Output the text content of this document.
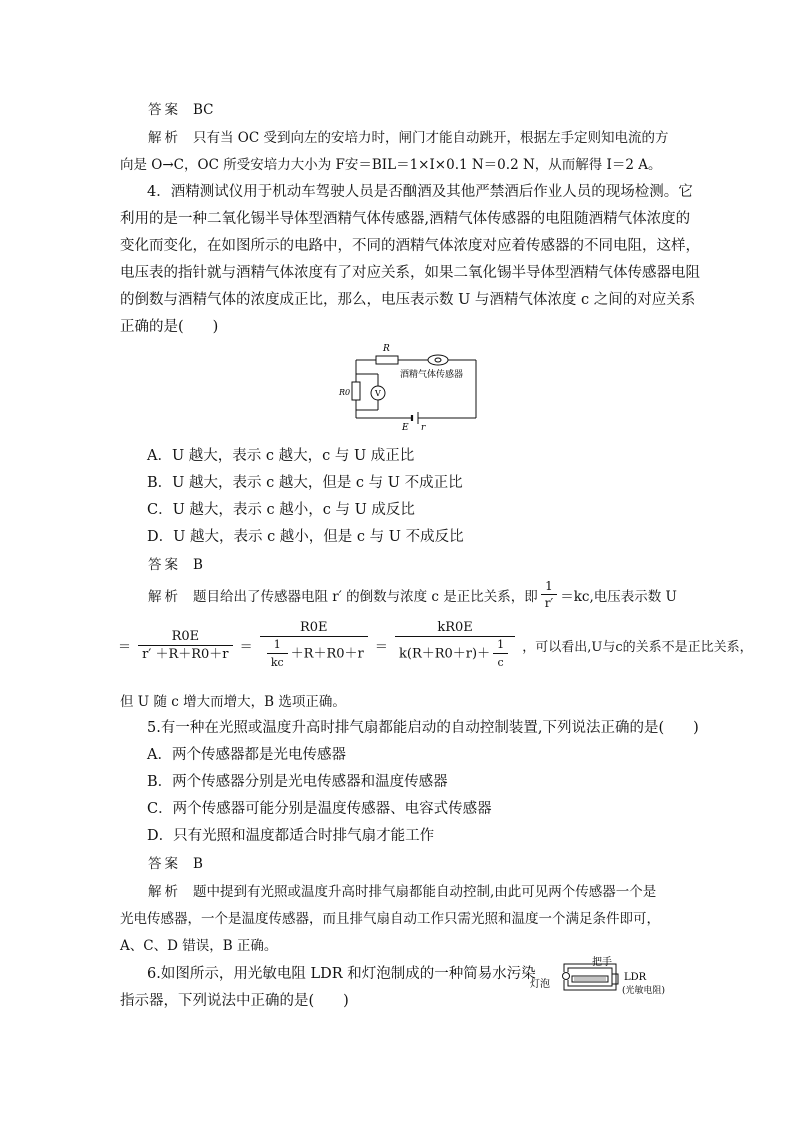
答案 BC
解析 只有当 OC 受到向左的安培力时，闸门才能自动跳开，根据左手定则知电流的方
向是 O→C，OC 所受安培力大小为 F安＝BIL＝1×I×0.1 N＝0.2 N，从而解得 I＝2 A。
4．酒精测试仪用于机动车驾驶人员是否酗酒及其他严禁酒后作业人员的现场检测。它
利用的是一种二氧化锡半导体型酒精气体传感器,酒精气体传感器的电阻随酒精气体浓度的
变化而变化，在如图所示的电路中，不同的酒精气体浓度对应着传感器的不同电阻，这样，
电压表的指针就与酒精气体浓度有了对应关系，如果二氧化锡半导体型酒精气体传感器电阻
的倒数与酒精气体的浓度成正比，那么，电压表示数 U 与酒精气体浓度 c 之间的对应关系
正确的是(　　)
R
酒精气体传感器
R0	V
E r
A．U 越大，表示 c 越大，c 与 U 成正比
B．U 越大，表示 c 越大，但是 c 与 U 不成正比
C．U 越大，表示 c 越小，c 与 U 成反比
D．U 越大，表示 c 越小，但是 c 与 U 不成反比
答案 B
解析 题目给出了传感器电阻 r′ 的倒数与浓度 c 是正比关系，即 $\frac{1}{r'} =kc$,电压表示数 U
＝ $\frac{R0E}{r' +R+R0+r} = \frac{R0E}{\frac{1}{kc} +R+R0+r} = \frac{kR0E}{k(R+R0+r)+ \frac{1}{c}}$ ，可以看出,U与c的关系不是正比关系，
但 U 随 c 增大而增大，B 选项正确。
5.有一种在光照或温度升高时排气扇都能启动的自动控制装置,下列说法正确的是(　　)
A．两个传感器都是光电传感器
B．两个传感器分别是光电传感器和温度传感器
C．两个传感器可能分别是温度传感器、电容式传感器
D．只有光照和温度都适合时排气扇才能工作
答案 B
解析 题中提到有光照或温度升高时排气扇都能自动控制,由此可见两个传感器一个是
光电传感器，一个是温度传感器，而且排气扇自动工作只需光照和温度一个满足条件即可，
A、C、D 错误，B 正确。
6.如图所示，用光敏电阻 LDR 和灯泡制成的一种简易水污染
指示器，下列说法中正确的是(　　)
把手
灯泡
LDR
(光敏电阻)
